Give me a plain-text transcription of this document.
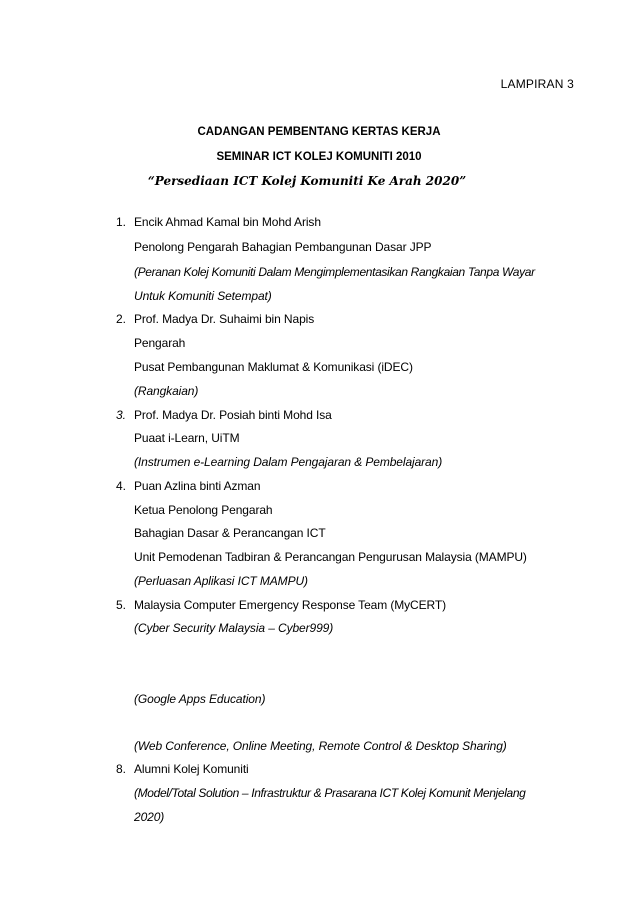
LAMPIRAN 3
CADANGAN PEMBENTANG KERTAS KERJA
SEMINAR ICT KOLEJ KOMUNITI 2010
“Persediaan ICT Kolej Komuniti Ke Arah 2020”
1. Encik Ahmad Kamal bin Mohd Arish
Penolong Pengarah Bahagian Pembangunan Dasar JPP
(Peranan Kolej Komuniti Dalam Mengimplementasikan Rangkaian Tanpa Wayar
Untuk Komuniti Setempat)
2. Prof. Madya Dr. Suhaimi bin Napis
Pengarah
Pusat Pembangunan Maklumat & Komunikasi (iDEC)
(Rangkaian)
3. Prof. Madya Dr. Posiah binti Mohd Isa
Puaat i-Learn, UiTM
(Instrumen e-Learning Dalam Pengajaran & Pembelajaran)
4. Puan Azlina binti Azman
Ketua Penolong Pengarah
Bahagian Dasar & Perancangan ICT
Unit Pemodenan Tadbiran & Perancangan Pengurusan Malaysia (MAMPU)
(Perluasan Aplikasi ICT MAMPU)
5. Malaysia Computer Emergency Response Team (MyCERT)
(Cyber Security Malaysia – Cyber999)
(Google Apps Education)
(Web Conference, Online Meeting, Remote Control & Desktop Sharing)
8. Alumni Kolej Komuniti
(Model/Total Solution – Infrastruktur & Prasarana ICT Kolej Komunit Menjelang
2020)
